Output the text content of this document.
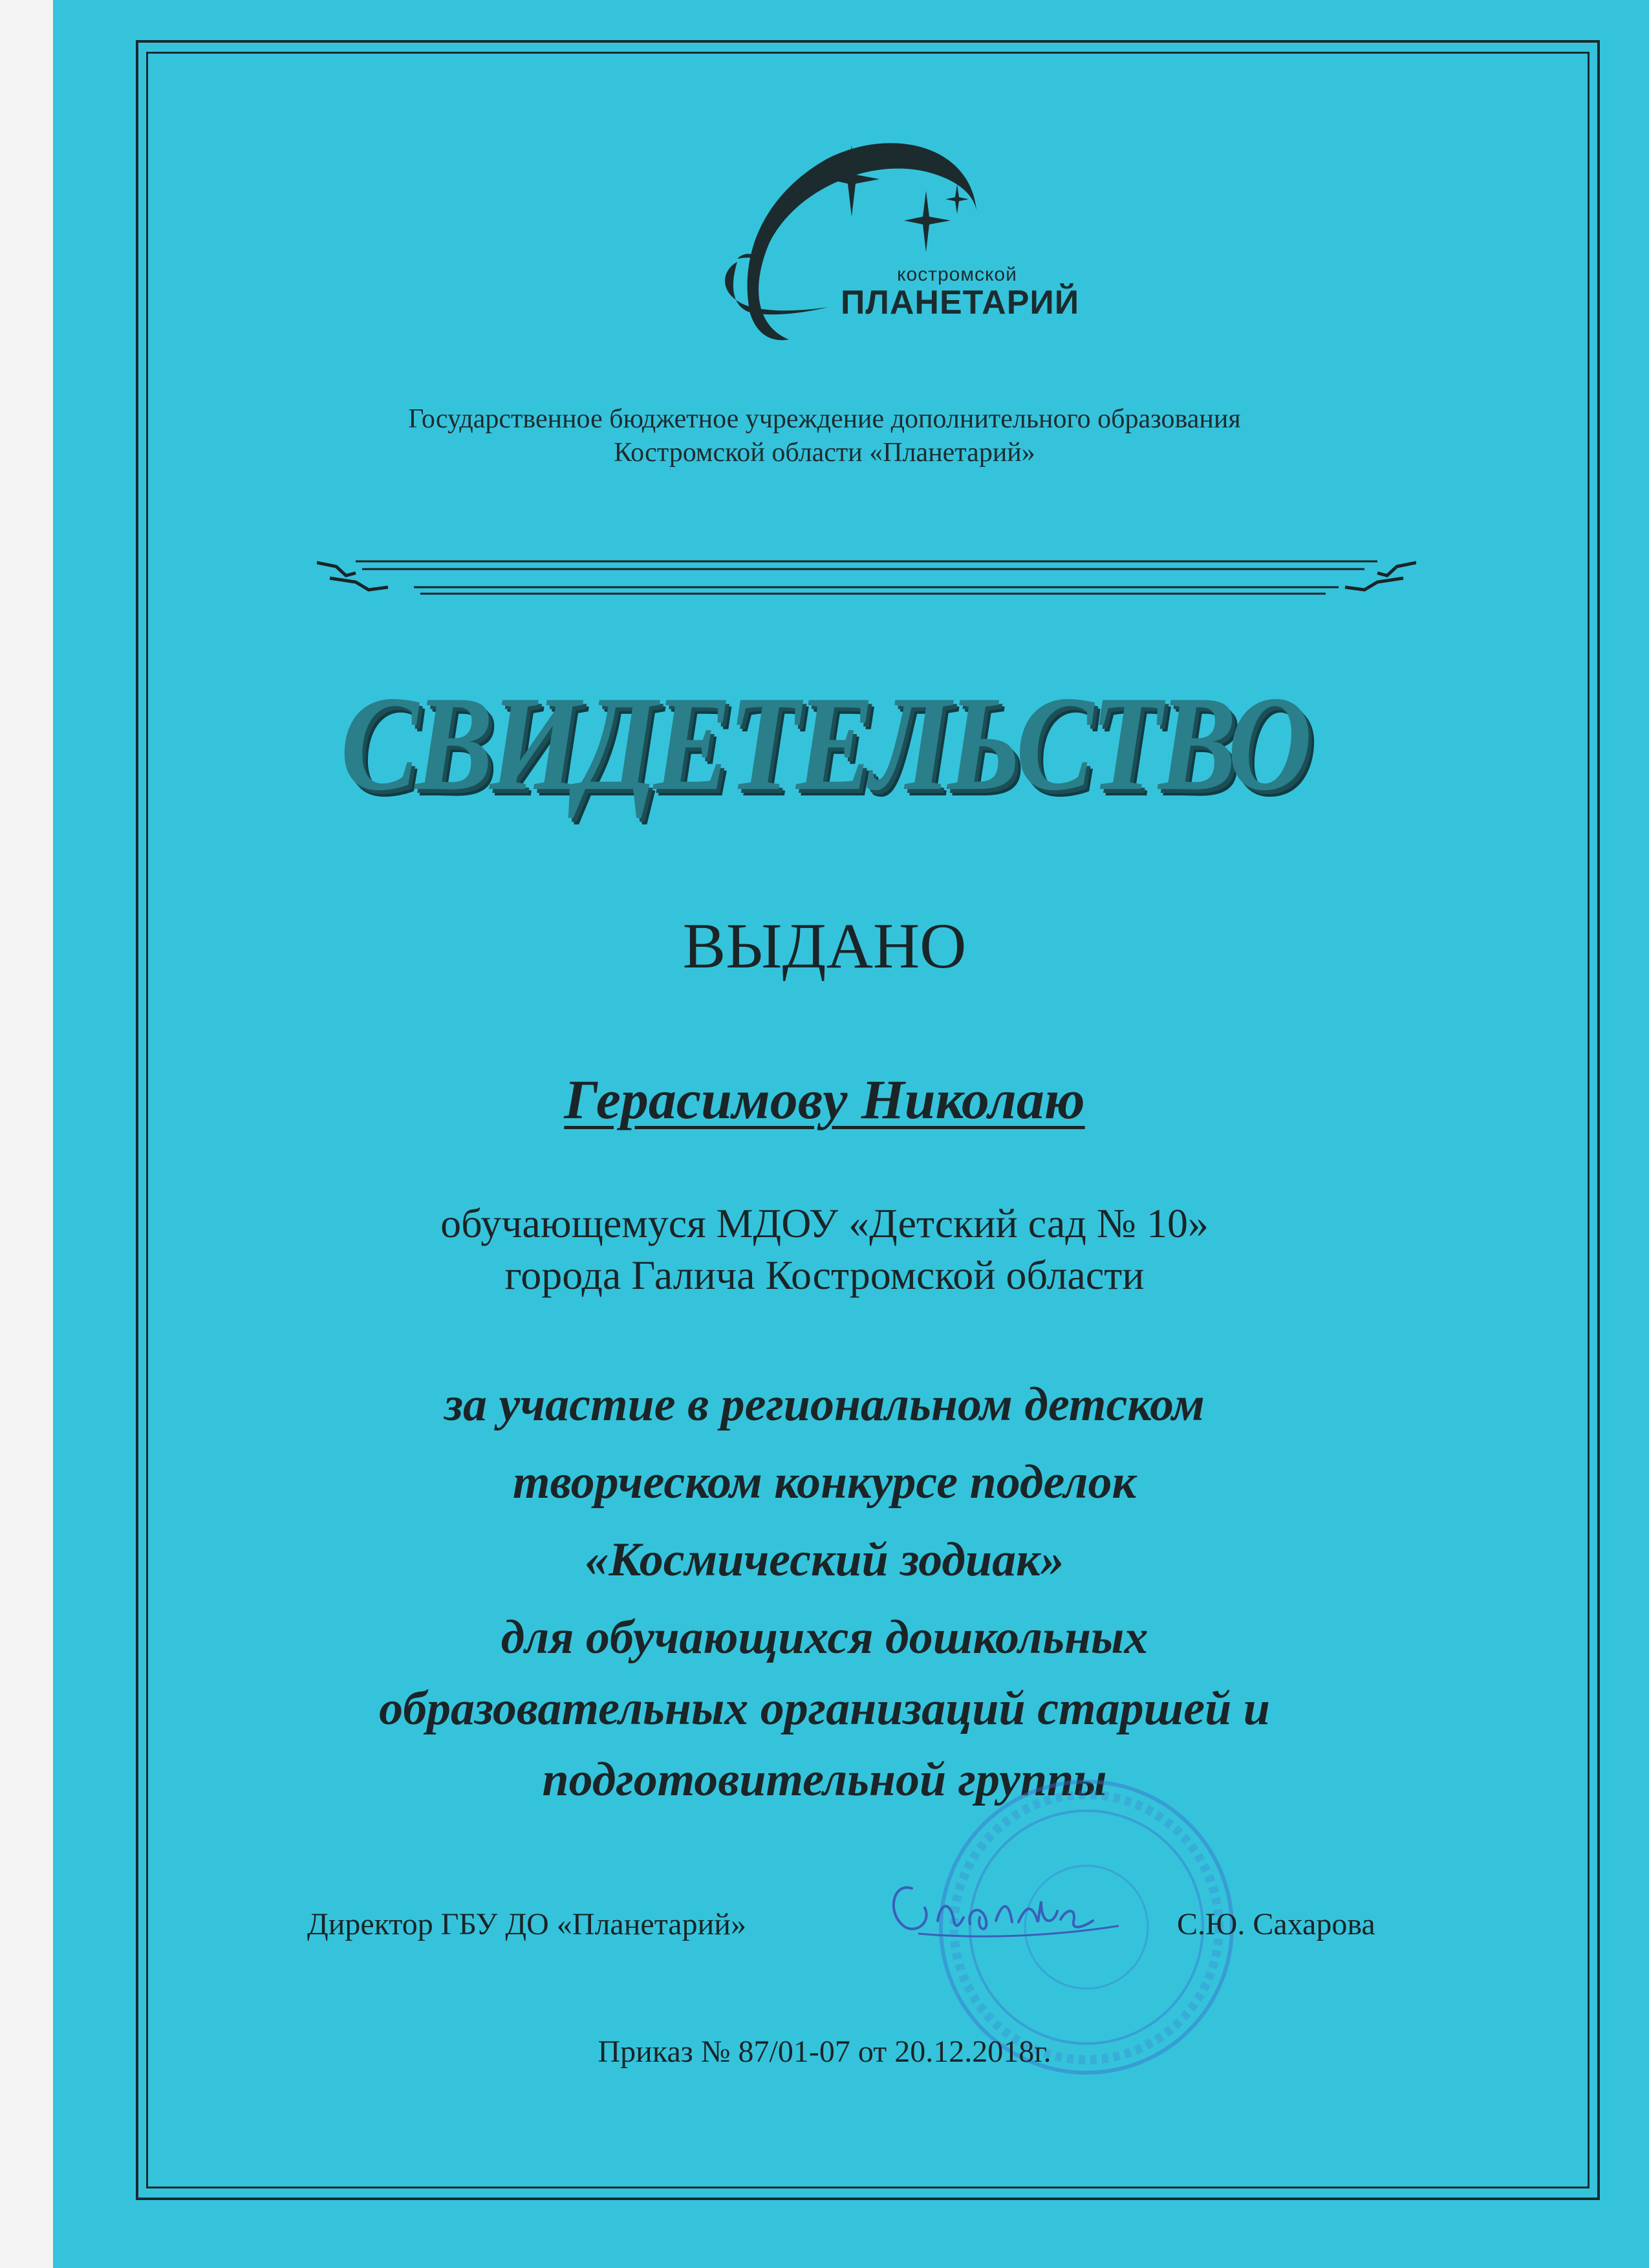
костромской
ПЛАНЕТАРИЙ
Государственное бюджетное учреждение дополнительного образования
Костромской области «Планетарий»
СВИДЕТЕЛЬСТВО
ВЫДАНО
Герасимову Николаю
обучающемуся МДОУ «Детский сад № 10»
города Галича Костромской области
за участие в региональном детском
творческом конкурсе поделок
«Космический зодиак»
для обучающихся дошкольных
образовательных организаций старшей и
подготовительной группы
Директор ГБУ ДО «Планетарий»	С.Ю. Сахарова
Приказ № 87/01-07 от 20.12.2018г.
